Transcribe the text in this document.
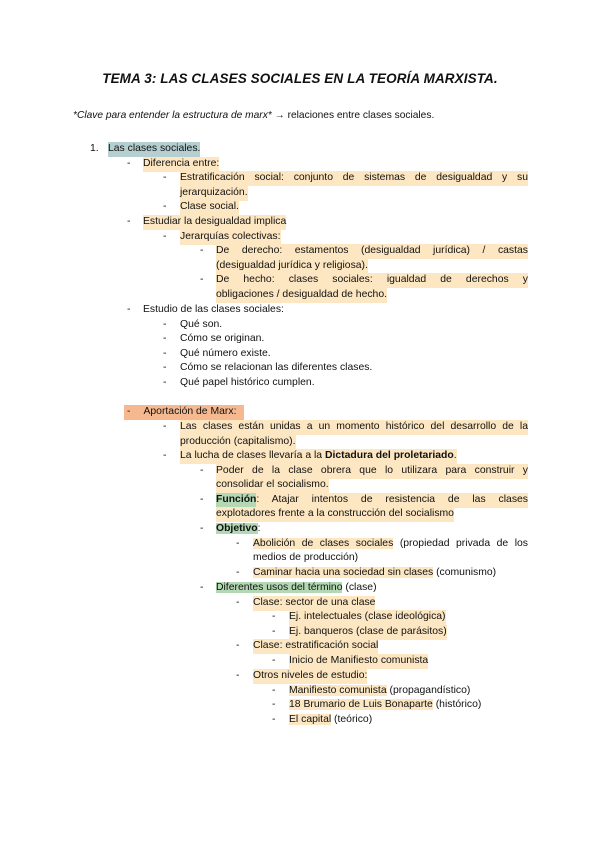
TEMA 3: LAS CLASES SOCIALES EN LA TEORÍA MARXISTA.
*Clave para entender la estructura de marx* → relaciones entre clases sociales.
1. Las clases sociales.
- Diferencia entre:
- Estratificación social: conjunto de sistemas de desigualdad y su
jerarquización.
- Clase social.
- Estudiar la desigualdad implica
- Jerarquías colectivas:
- De derecho: estamentos (desigualdad jurídica) / castas
(desigualdad jurídica y religiosa).
- De hecho: clases sociales: igualdad de derechos y
obligaciones / desigualdad de hecho.
- Estudio de las clases sociales:
- Qué son.
- Cómo se originan.
- Qué número existe.
- Cómo se relacionan las diferentes clases.
- Qué papel histórico cumplen.
- Aportación de Marx:
- Las clases están unidas a un momento histórico del desarrollo de la
producción (capitalismo).
- La lucha de clases llevaría a la Dictadura del proletariado.
- Poder de la clase obrera que lo utilizara para construir y
consolidar el socialismo.
- Función : Atajar intentos de resistencia de las clases
explotadores frente a la construcción del socialismo
- Objetivo:
- Abolición de clases sociales (propiedad privada de los
medios de producción)
- Caminar hacia una sociedad sin clases (comunismo)
- Diferentes usos del término (clase)
- Clase: sector de una clase
- Ej. intelectuales (clase ideológica)
- Ej. banqueros (clase de parásitos)
- Clase: estratificación social
- Inicio de Manifiesto comunista
- Otros niveles de estudio:
- Manifiesto comunista (propagandístico)
- 18 Brumario de Luis Bonaparte (histórico)
- El capital (teórico)
